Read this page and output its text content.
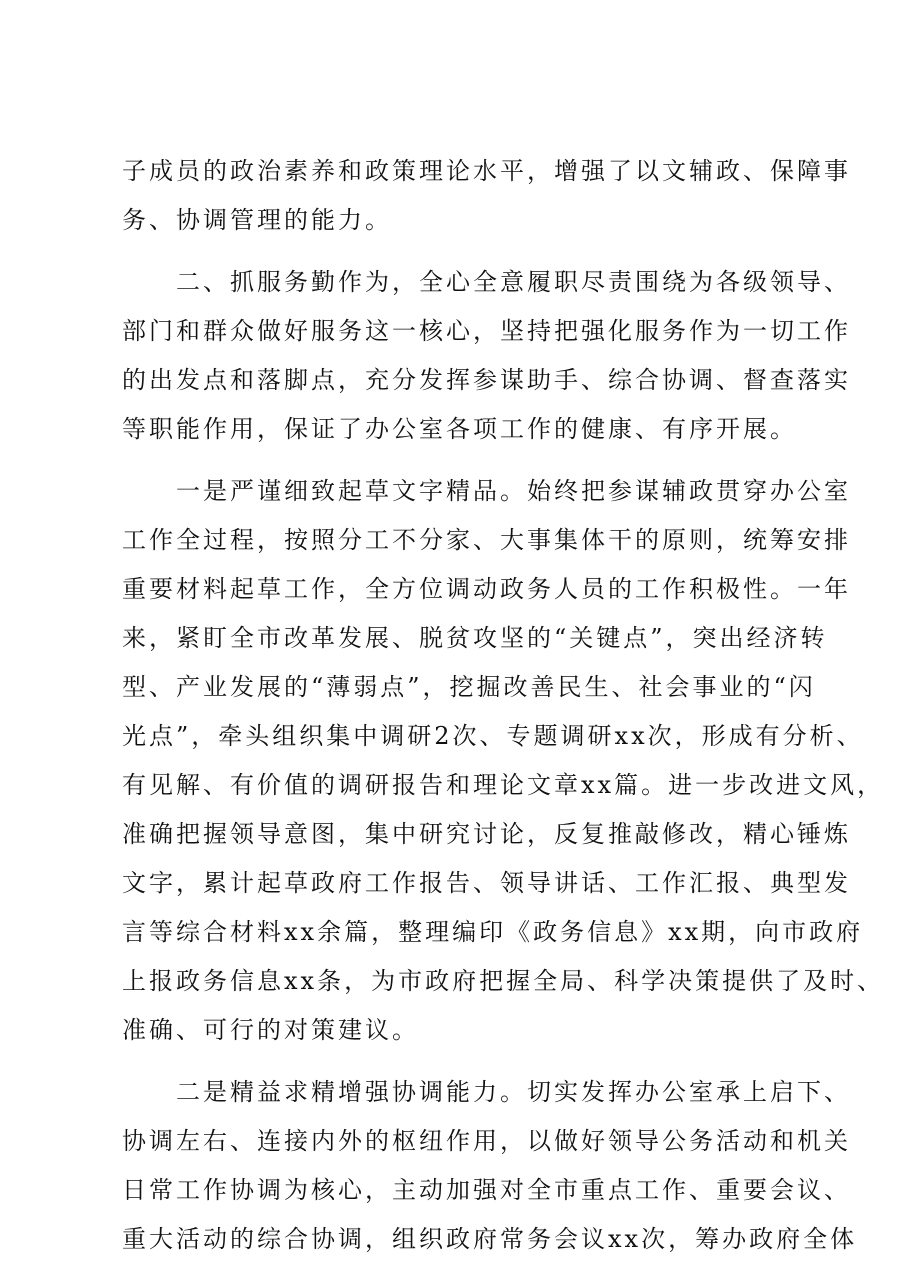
子成员的政治素养和政策理论水平，增强了以文辅政、保障事
务、协调管理的能力。
二、抓服务勤作为，全心全意履职尽责围绕为各级领导、
部门和群众做好服务这一核心，坚持把强化服务作为一切工作
的出发点和落脚点，充分发挥参谋助手、综合协调、督查落实
等职能作用，保证了办公室各项工作的健康、有序开展。
一是严谨细致起草文字精品。始终把参谋辅政贯穿办公室
工作全过程，按照分工不分家、大事集体干的原则，统筹安排
重要材料起草工作，全方位调动政务人员的工作积极性。一年
来，紧盯全市改革发展、脱贫攻坚的“关键点”，突出经济转
型、产业发展的“薄弱点”，挖掘改善民生、社会事业的“闪
光点”，牵头组织集中调研2次、专题调研xx次，形成有分析、
有见解、有价值的调研报告和理论文章xx篇。进一步改进文风，
准确把握领导意图，集中研究讨论，反复推敲修改，精心锤炼
文字，累计起草政府工作报告、领导讲话、工作汇报、典型发
言等综合材料xx余篇，整理编印《政务信息》xx期，向市政府
上报政务信息xx条，为市政府把握全局、科学决策提供了及时、
准确、可行的对策建议。
二是精益求精增强协调能力。切实发挥办公室承上启下、
协调左右、连接内外的枢纽作用，以做好领导公务活动和机关
日常工作协调为核心，主动加强对全市重点工作、重要会议、
重大活动的综合协调，组织政府常务会议xx次，筹办政府全体
